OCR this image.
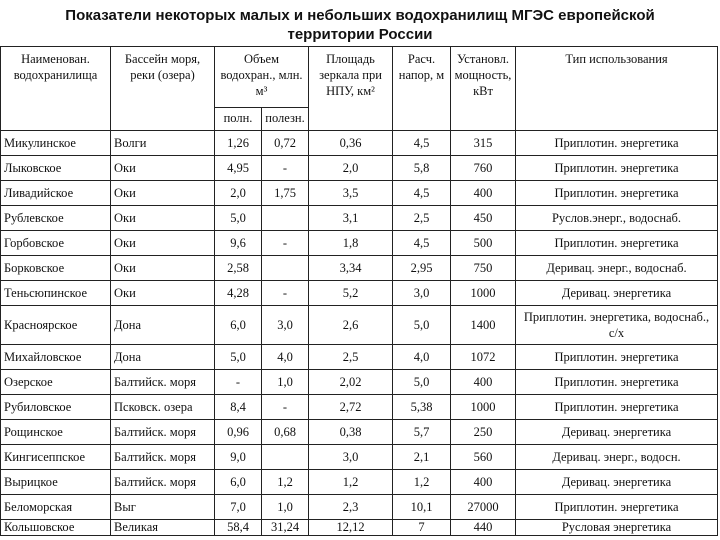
Показатели некоторых малых и небольших водохранилищ МГЭС европейской
территории России
Наименован. водохранилища	Бассейн моря, реки (озера)	Объем водохран., млн. м³		Площадь зеркала при НПУ, км²	Расч. напор, м	Установл. мощность, кВт	Тип использования
		полн.	полезн.				
Микулинское	Волги	1,26	0,72	0,36	4,5	315	Приплотин. энергетика
Лыковское	Оки	4,95	-	2,0	5,8	760	Приплотин. энергетика
Ливадийское	Оки	2,0	1,75	3,5	4,5	400	Приплотин. энергетика
Рублевское	Оки	5,0		3,1	2,5	450	Руслов.энерг., водоснаб.
Горбовское	Оки	9,6	-	1,8	4,5	500	Приплотин. энергетика
Борковское	Оки	2,58		3,34	2,95	750	Деривац. энерг., водоснаб.
Теньсюпинское	Оки	4,28	-	5,2	3,0	1000	Деривац. энергетика
Красноярское	Дона	6,0	3,0	2,6	5,0	1400	Приплотин. энергетика, водоснаб., с/х
Михайловское	Дона	5,0	4,0	2,5	4,0	1072	Приплотин. энергетика
Озерское	Балтийск. моря	-	1,0	2,02	5,0	400	Приплотин. энергетика
Рубиловское	Псковск. озера	8,4	-	2,72	5,38	1000	Приплотин. энергетика
Рощинское	Балтийск. моря	0,96	0,68	0,38	5,7	250	Деривац. энергетика
Кингисеппское	Балтийск. моря	9,0		3,0	2,1	560	Деривац. энерг., водосн.
Вырицкое	Балтийск. моря	6,0	1,2	1,2	1,2	400	Деривац. энергетика
Беломорская	Выг	7,0	1,0	2,3	10,1	27000	Приплотин. энергетика
Кольшовское	Великая	58,4	31,24	12,12	7	440	Русловая энергетика
